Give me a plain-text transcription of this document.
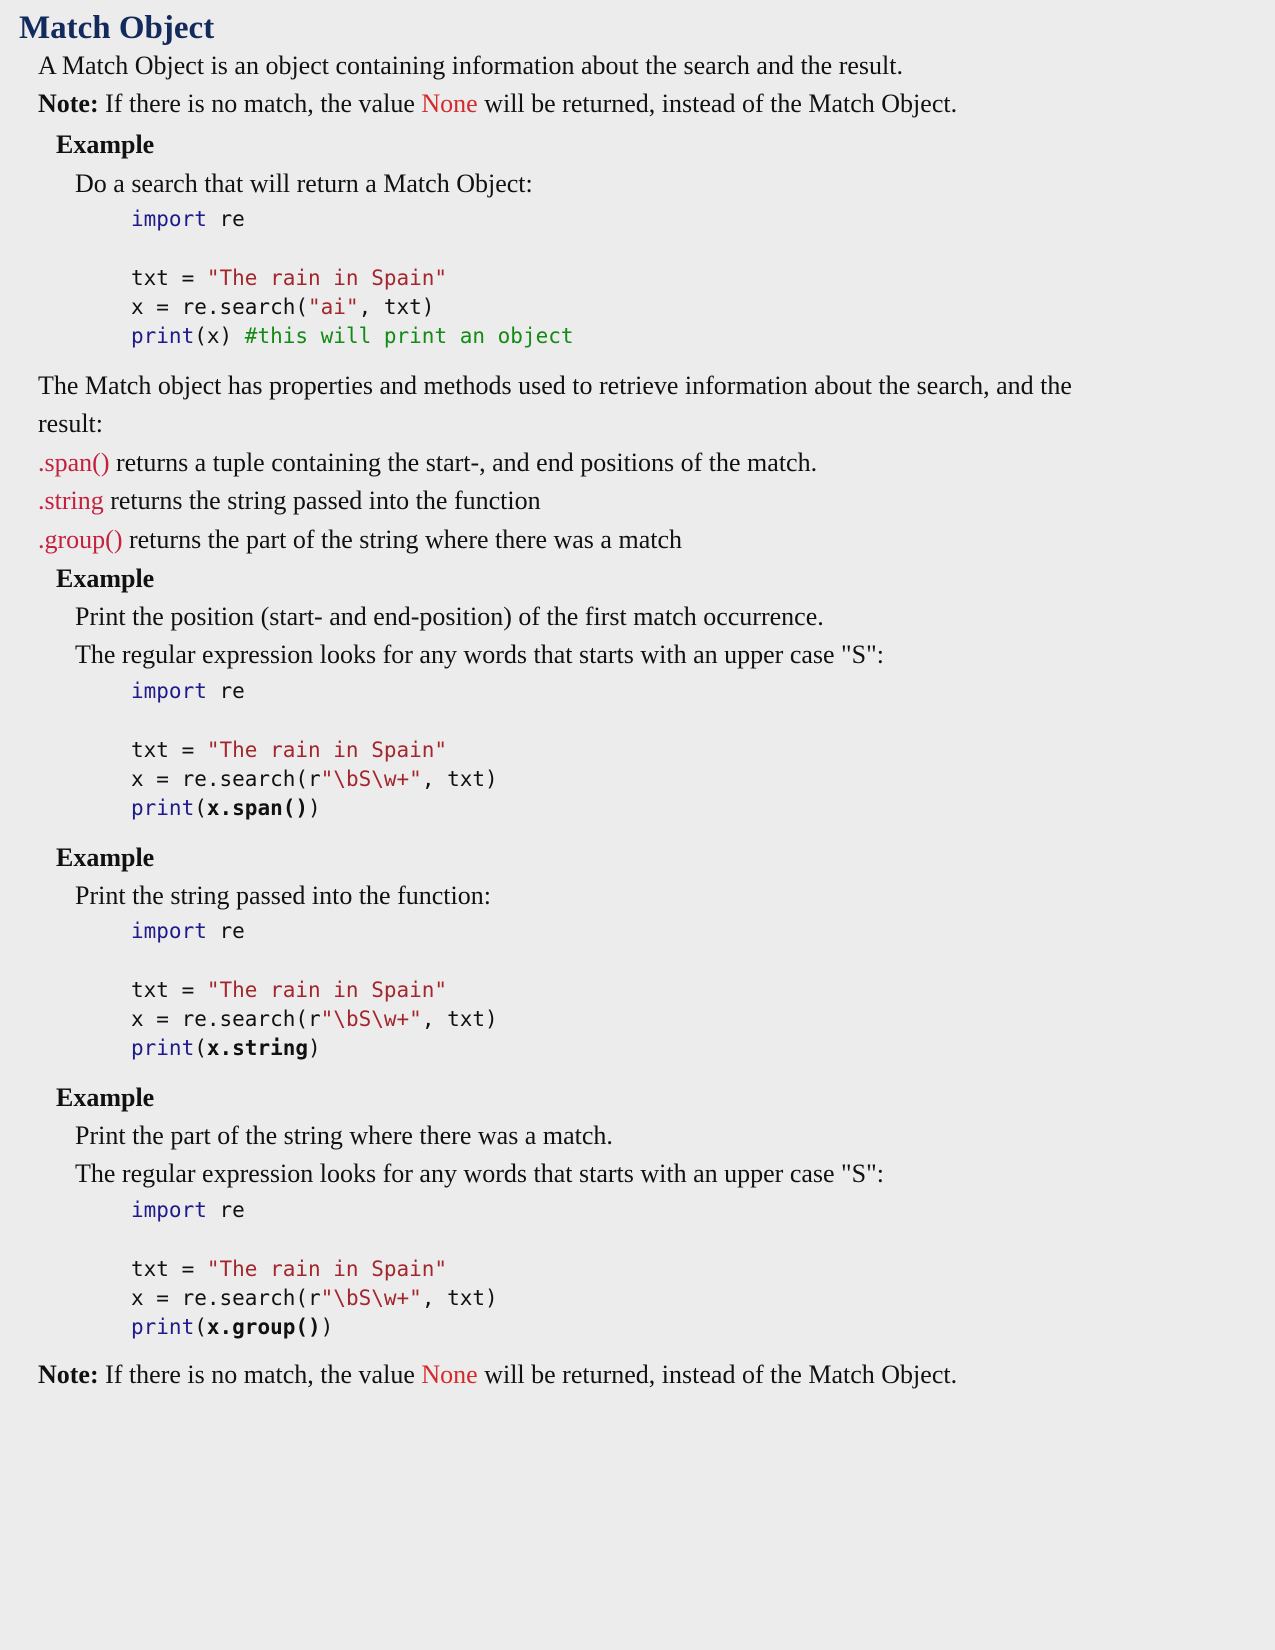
Match Object

A Match Object is an object containing information about the search and the result.

Note: If there is no match, the value None will be returned, instead of the Match Object.

Example

Do a search that will return a Match Object:

import re

txt = "The rain in Spain"
x = re.search("ai", txt)
print(x) #this will print an object

The Match object has properties and methods used to retrieve information about the search, and the

result:

.span() returns a tuple containing the start-, and end positions of the match.

.string returns the string passed into the function

.group() returns the part of the string where there was a match

Example

Print the position (start- and end-position) of the first match occurrence.

The regular expression looks for any words that starts with an upper case "S":

import re

txt = "The rain in Spain"
x = re.search(r"\bS\w+", txt)
print(x.span())

Example

Print the string passed into the function:

import re

txt = "The rain in Spain"
x = re.search(r"\bS\w+", txt)
print(x.string)

Example

Print the part of the string where there was a match.

The regular expression looks for any words that starts with an upper case "S":

import re

txt = "The rain in Spain"
x = re.search(r"\bS\w+", txt)
print(x.group())

Note: If there is no match, the value None will be returned, instead of the Match Object.
